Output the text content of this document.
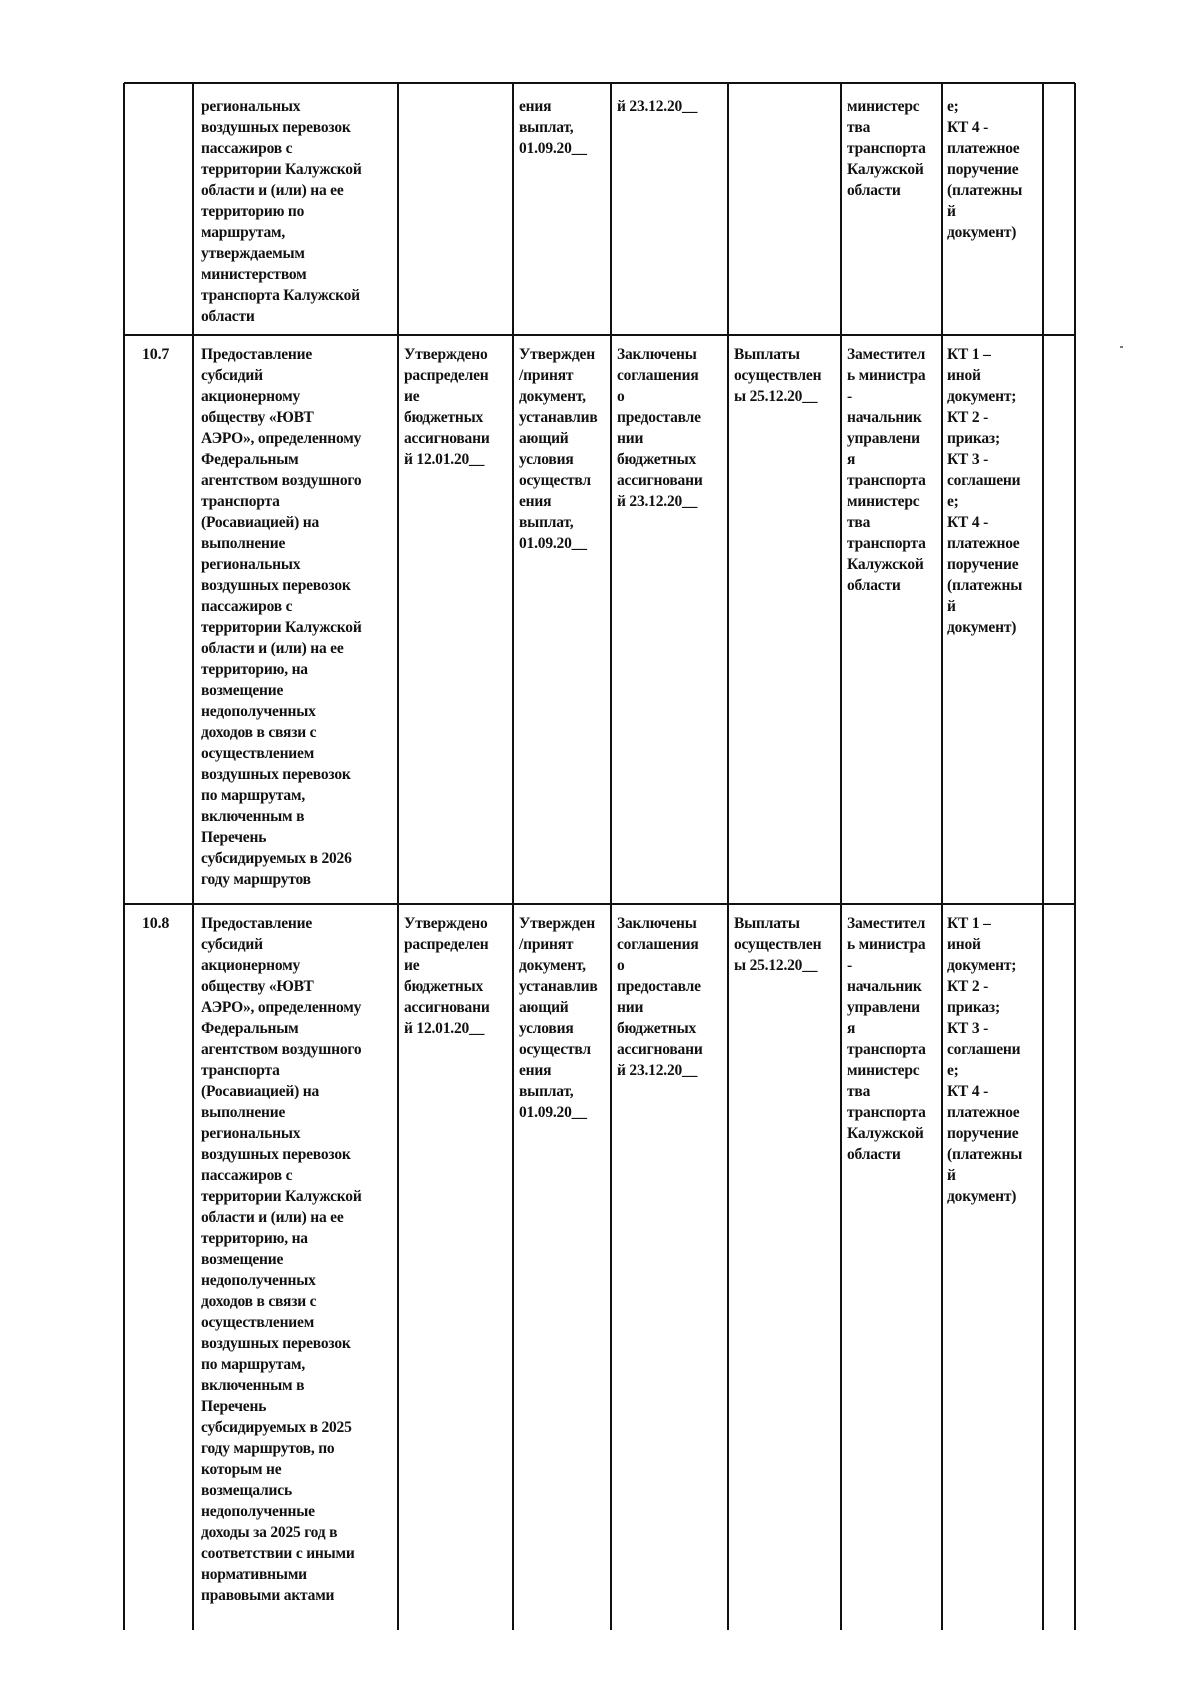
региональных
воздушных перевозок
пассажиров с
территории Калужской
области и (или) на ее
территорию по
маршрутам,
утверждаемым
министерством
транспорта Калужской
области
ения
выплат,
01.09.20__
й 23.12.20__	министерс
тва
транспорта
Калужской
области
е;
КТ 4 -
платежное
поручение
(платежны
й
документ)
10.7 Предоставление
субсидий
акционерному
обществу «ЮВТ
АЭРО», определенному
Федеральным
агентством воздушного
транспорта
(Росавиацией) на
выполнение
региональных
воздушных перевозок
пассажиров с
территории Калужской
области и (или) на ее
территорию, на
возмещение
недополученных
доходов в связи с
осуществлением
воздушных перевозок
по маршрутам,
включенным в
Перечень
субсидируемых в 2026
году маршрутов
Утверждено
распределен
ие
бюджетных
ассигновани
й 12.01.20__
Утвержден
/принят
документ,
устанавлив
ающий
условия
осуществл
ения
выплат,
01.09.20__
Заключены
соглашения
о
предоставле
нии
бюджетных
ассигновани
й 23.12.20__
Выплаты
осуществлен
ы 25.12.20__
Заместител
ь министра
-
начальник
управлени
я
транспорта
министерс
тва
транспорта
Калужской
области
КТ 1 –
иной
документ;
КТ 2 -
приказ;
КТ 3 -
соглашени
е;
КТ 4 -
платежное
поручение
(платежны
й
документ)
10.8 Предоставление
субсидий
акционерному
обществу «ЮВТ
АЭРО», определенному
Федеральным
агентством воздушного
транспорта
(Росавиацией) на
выполнение
региональных
воздушных перевозок
пассажиров с
территории Калужской
области и (или) на ее
территорию, на
возмещение
недополученных
доходов в связи с
осуществлением
воздушных перевозок
по маршрутам,
включенным в
Перечень
субсидируемых в 2025
году маршрутов, по
которым не
возмещались
недополученные
доходы за 2025 год в
соответствии с иными
нормативными
правовыми актами
Утверждено
распределен
ие
бюджетных
ассигновани
й 12.01.20__
Утвержден
/принят
документ,
устанавлив
ающий
условия
осуществл
ения
выплат,
01.09.20__
Заключены
соглашения
о
предоставле
нии
бюджетных
ассигновани
й 23.12.20__
Выплаты
осуществлен
ы 25.12.20__
Заместител
ь министра
-
начальник
управлени
я
транспорта
министерс
тва
транспорта
Калужской
области
КТ 1 –
иной
документ;
КТ 2 -
приказ;
КТ 3 -
соглашени
е;
КТ 4 -
платежное
поручение
(платежны
й
документ)
